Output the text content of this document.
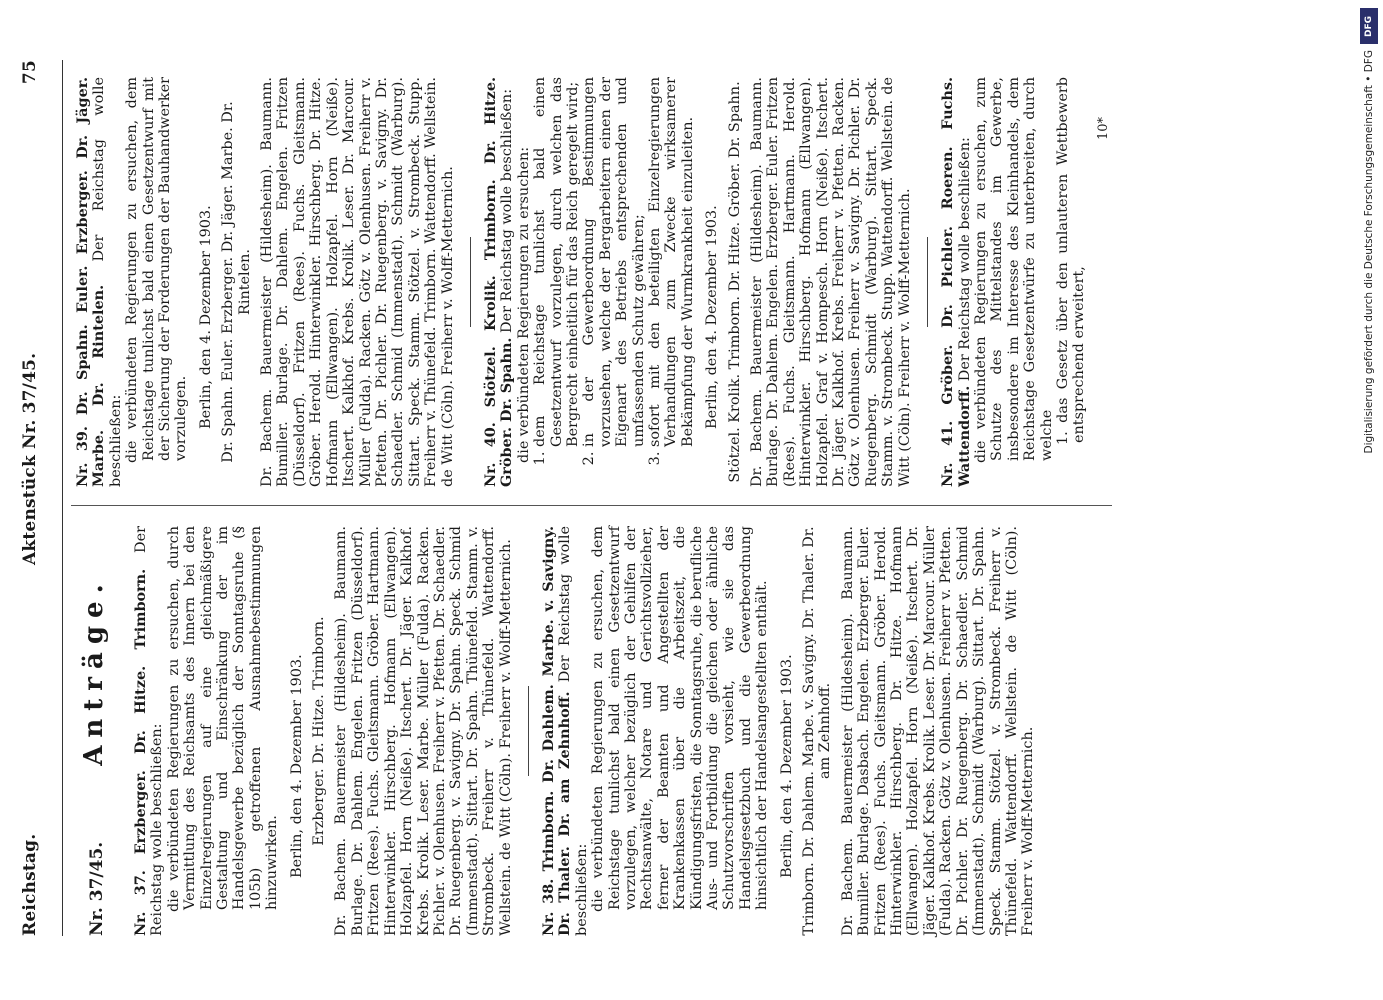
Reichstag.
Aktenstück Nr. 37/45.
75
Nr. 37/45.
Anträge.

Nr. 37. Erzberger. Dr. Hitze. Trimborn. Der Reichstag wolle beschließen: die verbündeten Regierungen zu ersuchen, durch Vermittlung des Reichsamts des Innern bei den Einzelregierungen auf eine gleichmäßigere Gestaltung und Einschränkung der im Handelsgewerbe bezüglich der Sonntagsruhe (§ 105b) getroffenen Ausnahmebestimmungen hinzuwirken. Berlin, den 4. Dezember 1903. Erzberger. Dr. Hitze. Trimborn. Dr. Bachem. Bauermeister (Hildesheim). Baumann. Burlage. Dr. Dahlem. Engelen. Fritzen (Düsseldorf). Fritzen (Rees). Fuchs. Gleitsmann. Gröber. Hartmann. Hinterwinkler. Hirschberg. Hofmann (Ellwangen). Holzapfel. Horn (Neiße). Itschert. Dr. Jäger. Kalkhof. Krebs. Krolik. Leser. Marbe. Müller (Fulda). Racken. Pichler. v. Olenhusen. Freiherr v. Pfetten. Dr. Schaedler. Dr. Ruegenberg. v. Savigny. Dr. Spahn. Speck. Schmid (Immenstadt). Sittart. Dr. Spahn. Thünefeld. Stamm. v. Strombeck. Freiherr v. Thünefeld. Wattendorff. Wellstein. de Witt (Cöln). Freiherr v. Wolff-Metternich. Nr. 38. Trimborn. Dr. Dahlem. Marbe. v. Savigny. Dr. Thaler. Dr. am Zehnhoff. Der Reichstag wolle beschließen: die verbündeten Regierungen zu ersuchen, dem Reichstage tunlichst bald einen Gesetzentwurf vorzulegen, welcher bezüglich der Gehilfen der Rechtsanwälte, Notare und Gerichtsvollzieher, ferner der Beamten und Angestellten der Krankenkassen über die Arbeitszeit, die Kündigungsfristen, die Sonntagsruhe, die berufliche Aus- und Fortbildung die gleichen oder ähnliche Schutzvorschriften vorsieht, wie sie das Handelsgesetzbuch und die Gewerbeordnung hinsichtlich der Handelsangestellten enthält. Berlin, den 4. Dezember 1903. Trimborn. Dr. Dahlem. Marbe. v. Savigny. Dr. Thaler. Dr. am Zehnhoff. Dr. Bachem. Bauermeister (Hildesheim). Baumann. Bumiller. Burlage. Dasbach. Engelen. Erzberger. Euler. Fritzen (Rees). Fuchs. Gleitsmann. Gröber. Herold. Hinterwinkler. Hirschberg. Dr. Hitze. Hofmann (Ellwangen). Holzapfel. Horn (Neiße). Itschert. Dr. Jäger. Kalkhof. Krebs. Krolik. Leser. Dr. Marcour. Müller (Fulda). Racken. Götz v. Olenhusen. Freiherr v. Pfetten. Dr. Pichler. Dr. Ruegenberg. Dr. Schaedler. Schmid (Immenstadt). Schmidt (Warburg). Sittart. Dr. Spahn. Speck. Stamm. Stötzel. v. Strombeck. Freiherr v. Thünefeld. Wattendorff. Wellstein. de Witt (Cöln). Freiherr v. Wolff-Metternich.

Nr. 39. Dr. Spahn. Euler. Erzberger. Dr. Jäger. Marbe. Dr. Rintelen. Der Reichstag wolle beschließen: die verbündeten Regierungen zu ersuchen, dem Reichstage tunlichst bald einen Gesetzentwurf mit der Sicherung der Forderungen der Bauhandwerker vorzulegen. Berlin, den 4. Dezember 1903. Dr. Spahn. Euler. Erzberger. Dr. Jäger. Marbe. Dr. Rintelen. Dr. Bachem. Bauermeister (Hildesheim). Baumann. Bumiller. Burlage. Dr. Dahlem. Engelen. Fritzen (Düsseldorf). Fritzen (Rees). Fuchs. Gleitsmann. Gröber. Herold. Hinterwinkler. Hirschberg. Dr. Hitze. Hofmann (Ellwangen). Holzapfel. Horn (Neiße). Itschert. Kalkhof. Krebs. Krolik. Leser. Dr. Marcour. Müller (Fulda). Racken. Götz v. Olenhusen. Freiherr v. Pfetten. Dr. Pichler. Dr. Ruegenberg. v. Savigny. Dr. Schaedler. Schmid (Immenstadt). Schmidt (Warburg). Sittart. Speck. Stamm. Stötzel. v. Strombeck. Stupp. Freiherr v. Thünefeld. Trimborn. Wattendorff. Wellstein. de Witt (Cöln). Freiherr v. Wolff-Metternich. Nr. 40. Stötzel. Krolik. Trimborn. Dr. Hitze. Gröber. Dr. Spahn. Der Reichstag wolle beschließen: die verbündeten Regierungen zu ersuchen: 1. dem Reichstage tunlichst bald einen Gesetzentwurf vorzulegen, durch welchen das Bergrecht einheitlich für das Reich geregelt wird; 2. in der Gewerbeordnung Bestimmungen vorzusehen, welche der Bergarbeitern einen der Eigenart des Betriebs entsprechenden und umfassenden Schutz gewähren; 3. sofort mit den beteiligten Einzelregierungen Verhandlungen zum Zwecke wirksamerer Bekämpfung der Wurmkrankheit einzuleiten. Berlin, den 4. Dezember 1903. Stötzel. Krolik. Trimborn. Dr. Hitze. Gröber. Dr. Spahn. Dr. Bachem. Bauermeister (Hildesheim). Baumann. Burlage. Dr. Dahlem. Engelen. Erzberger. Euler. Fritzen (Rees). Fuchs. Gleitsmann. Hartmann. Herold. Hinterwinkler. Hirschberg. Hofmann (Ellwangen). Holzapfel. Graf v. Hompesch. Horn (Neiße). Itschert. Dr. Jäger. Kalkhof. Krebs. Freiherr v. Pfetten. Racken. Götz v. Olenhusen. Freiherr v. Savigny. Dr. Pichler. Dr. Ruegenberg. Schmidt (Warburg). Sittart. Speck. Stamm. v. Strombeck. Stupp. Wattendorff. Wellstein. de Witt (Cöln). Freiherr v. Wolff-Metternich. Nr. 41. Gröber. Dr. Pichler. Roeren. Fuchs. Wattendorff. Der Reichstag wolle beschließen: die verbündeten Regierungen zu ersuchen, zum Schutze des Mittelstandes im Gewerbe, insbesondere im Interesse des Kleinhandels, dem Reichstage Gesetzentwürfe zu unterbreiten, durch welche 1. das Gesetz über den unlauteren Wettbewerb entsprechend erweitert,

10*
DFG
Digitalisierung gefördert durch die Deutsche Forschungsgemeinschaft • DFG
